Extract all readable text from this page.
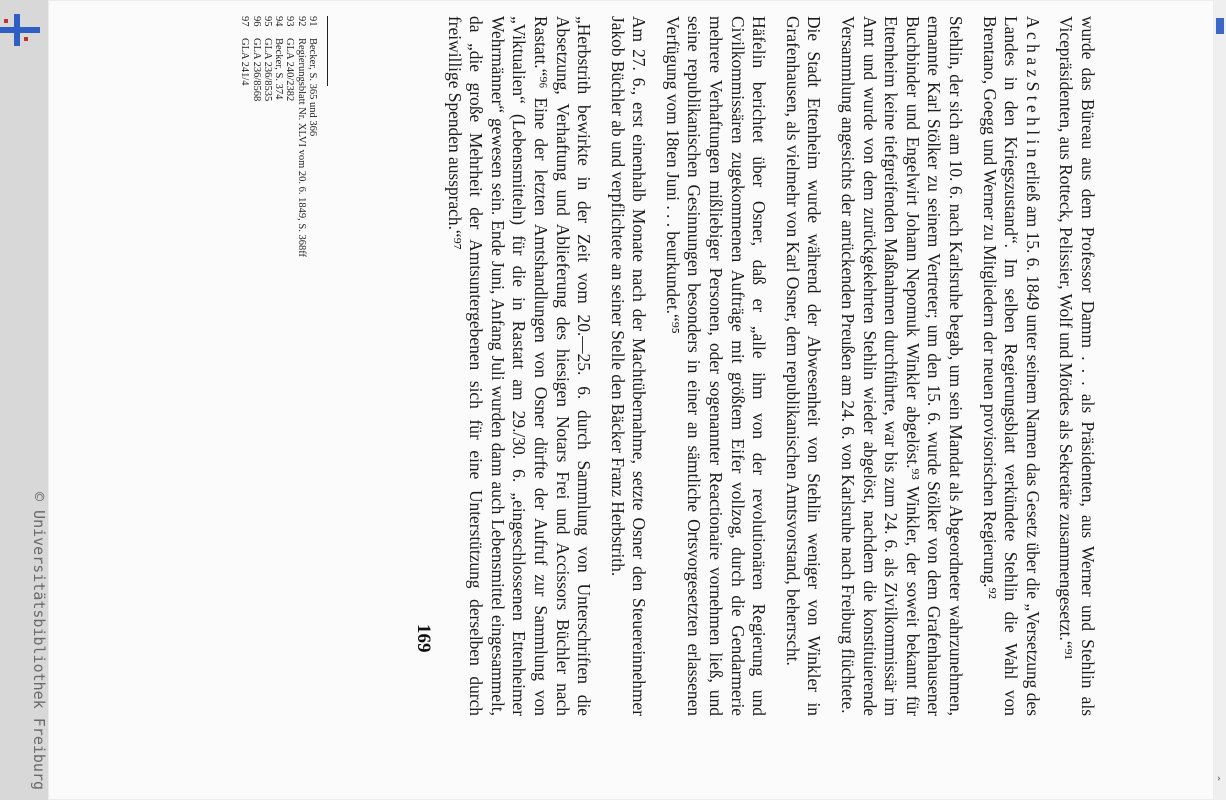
© Universitätsbibliothek Freiburg	wurde das Büreau aus dem Professor Damm . . . als Präsidenten, aus Werner und Stehlin als Vicepräsidenten, aus Rotteck, Pelissier, Wolf und Mördes als Sekretäre zusammengesetzt.“⁹¹

A c h a z S t e h l i n erließ am 15. 6. 1849 unter seinem Namen das Gesetz über die „Versetzung des Landes in den Kriegszustand“. Im selben Regierungsblatt verkündete Stehlin die Wahl von Brentano, Goegg und Werner zu Mitgliedern der neuen provisorischen Regierung.⁹²

Stehlin, der sich am 10. 6. nach Karlsruhe begab, um sein Mandat als Abgeordneter wahrzunehmen, ernannte Karl Stölker zu seinem Vertreter; um den 15. 6. wurde Stölker von dem Grafenhausener Buchbinder und Engelwirt Johann Nepomuk Winkler abgelöst.⁹³ Winkler, der soweit bekannt für Ettenheim keine tiefgreifenden Maßnahmen durchführte, war bis zum 24. 6. als Zivilkommissär im Amt und wurde von dem zurückgekehrten Stehlin wieder abgelöst, nachdem die konstituierende Versammlung angesichts der anrückenden Preußen am 24. 6. von Karlsruhe nach Freiburg flüchtete.

Die Stadt Ettenheim wurde während der Abwesenheit von Stehlin weniger von Winkler in Grafenhausen, als vielmehr von Karl Osner, dem republikanischen Amtsvorstand, beherrscht.

Häfelin berichtet über Osner, daß er „alle ihm von der revolutionären Regierung und Civilkommissären zugekommenen Aufträge mit größtem Eifer vollzog, durch die Gendarmerie mehrere Verhaftungen mißliebiger Personen, oder sogenannter Reactionaire vornehmen ließ, und seine republikanischen Gesinnungen besonders in einer an sämtliche Ortsvorgesetzten erlassenen Verfügung vom 18ten Juni . . . beurkundet.“⁹⁵

Am 27. 6., erst einenhalb Monate nach der Machtübernahme, setzte Osner den Steuereinnehmer Jakob Büchler ab und verpflichtete an seiner Stelle den Bäcker Franz Herbstrith.

„Herbstrith bewirkte in der Zeit vom 20.—25. 6. durch Sammlung von Unterschriften die Absetzung, Verhaftung und Ablieferung des hiesigen Notars Frei und Accissors Büchler nach Rastatt.“⁹⁶ Eine der letzten Amtshandlungen von Osner dürfte der Aufruf zur Sammlung von „Viktualien“ (Lebensmitteln) für die in Rastatt am 29./30. 6. „eingeschlossenen Ettenheimer Wehrmänner“ gewesen sein. Ende Juni, Anfang Juli wurden dann auch Lebensmittel eingesammelt, da „die große Mehrheit der Amtsuntergebenen sich für eine Unterstützung derselben durch freiwillige Spenden aussprach.“⁹⁷

169
91
Becker, S. 365 und 366
92
Regierungsblatt Nr. XLVI vom 20. 6. 1849, S. 368ff
93
GLA 240/2382
94
Becker, S. 374
95
GLA 236/8535
96
GLA 236/8568
97
GLA 241/4
›
